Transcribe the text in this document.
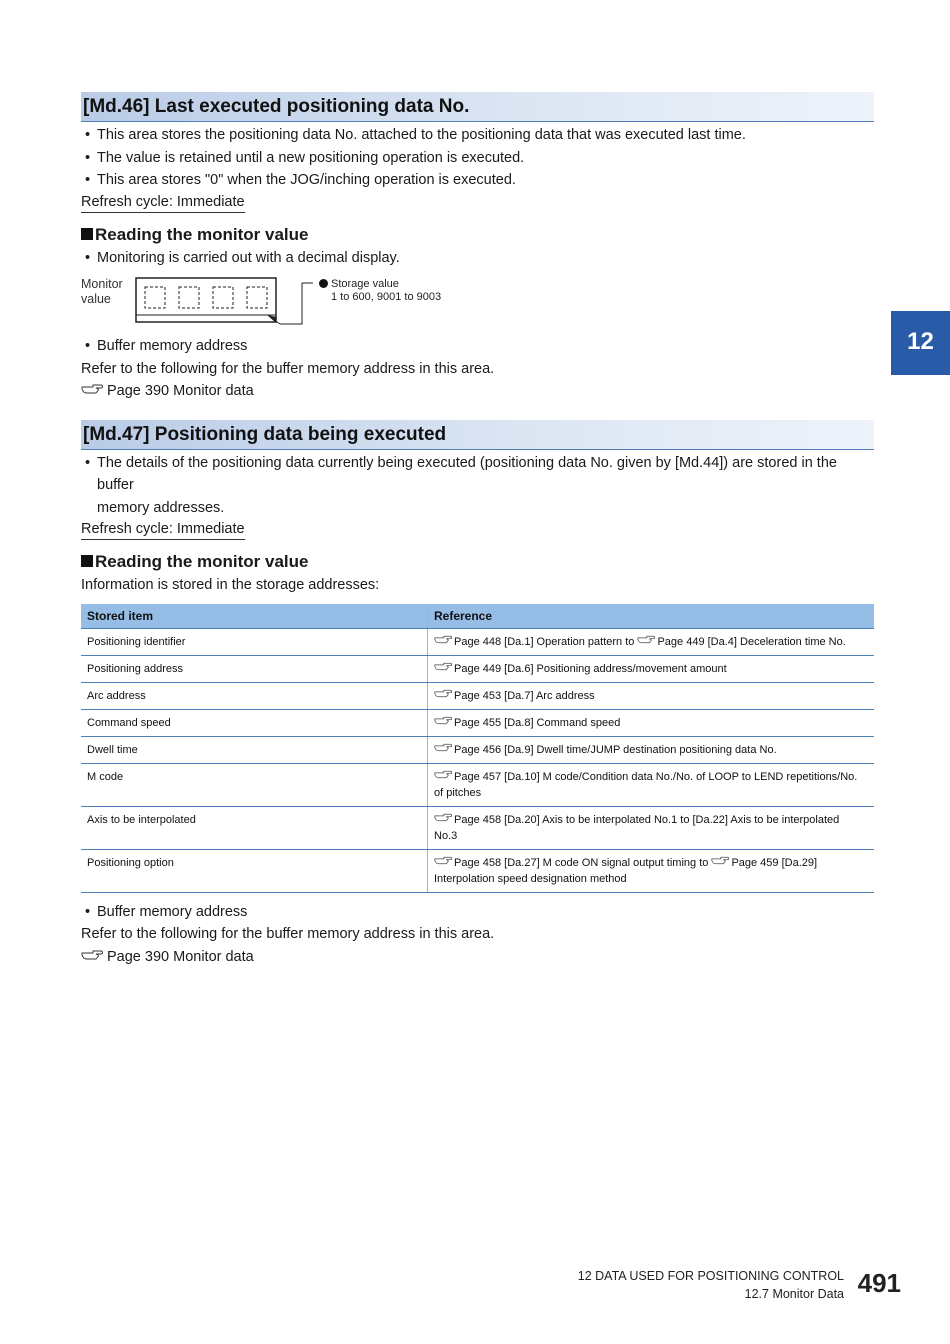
[Md.46] Last executed positioning data No.
• This area stores the positioning data No. attached to the positioning data that was executed last time.
• The value is retained until a new positioning operation is executed.
• This area stores "0" when the JOG/inching operation is executed.
Refresh cycle: Immediate
Reading the monitor value
• Monitoring is carried out with a decimal display.
Monitor
value
Storage value
1 to 600, 9001 to 9003
• Buffer memory address
Refer to the following for the buffer memory address in this area.
Page 390 Monitor data
[Md.47] Positioning data being executed
• The details of the positioning data currently being executed (positioning data No. given by [Md.44]) are stored in the buffer
memory addresses.
Refresh cycle: Immediate
Reading the monitor value
Information is stored in the storage addresses:
Stored item	Reference
Positioning identifier	Page 448 [Da.1] Operation pattern to Page 449 [Da.4] Deceleration time No.
Positioning address	Page 449 [Da.6] Positioning address/movement amount
Arc address	Page 453 [Da.7] Arc address
Command speed	Page 455 [Da.8] Command speed
Dwell time	Page 456 [Da.9] Dwell time/JUMP destination positioning data No.
M code	Page 457 [Da.10] M code/Condition data No./No. of LOOP to LEND repetitions/No.
of pitches
Axis to be interpolated	Page 458 [Da.20] Axis to be interpolated No.1 to [Da.22] Axis to be interpolated
No.3
Positioning option	Page 458 [Da.27] M code ON signal output timing to Page 459 [Da.29]
Interpolation speed designation method
• Buffer memory address
Refer to the following for the buffer memory address in this area.
Page 390 Monitor data
12
12 DATA USED FOR POSITIONING CONTROL
12.7 Monitor Data 491
